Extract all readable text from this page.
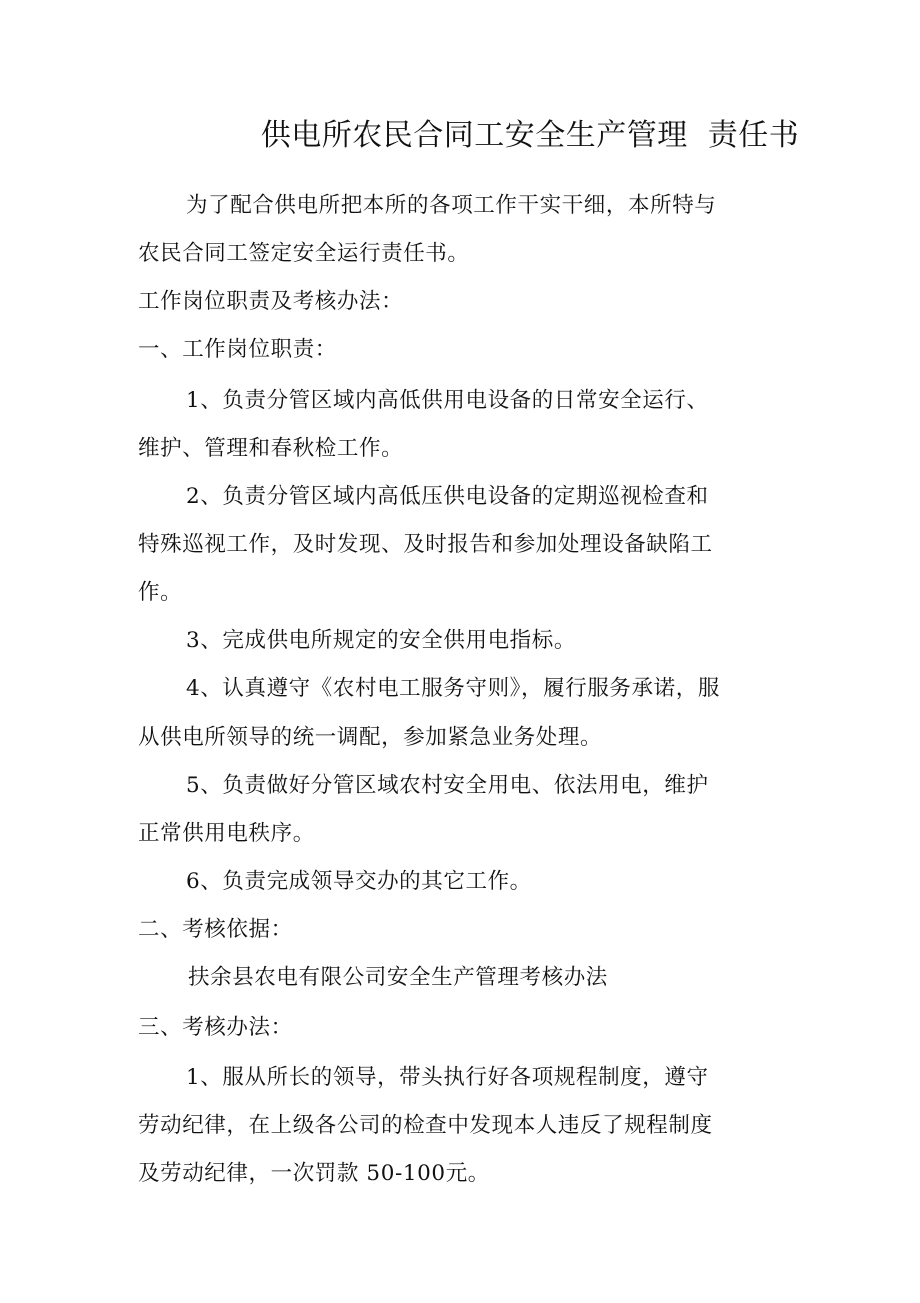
供电所农民合同工安全生产管理  责任书
为了配合供电所把本所的各项工作干实干细，本所特与
农民合同工签定安全运行责任书。
工作岗位职责及考核办法：
一、工作岗位职责：
1、负责分管区域内高低供用电设备的日常安全运行、
维护、管理和春秋检工作。
2、负责分管区域内高低压供电设备的定期巡视检查和
特殊巡视工作，及时发现、及时报告和参加处理设备缺陷工
作。
3、完成供电所规定的安全供用电指标。
4、认真遵守《农村电工服务守则》，履行服务承诺，服
从供电所领导的统一调配，参加紧急业务处理。
5、负责做好分管区域农村安全用电、依法用电，维护
正常供用电秩序。
6、负责完成领导交办的其它工作。
二、考核依据：
扶余县农电有限公司安全生产管理考核办法
三、考核办法：
1、服从所长的领导，带头执行好各项规程制度，遵守
劳动纪律，在上级各公司的检查中发现本人违反了规程制度
及劳动纪律，一次罚款 50-100元。
